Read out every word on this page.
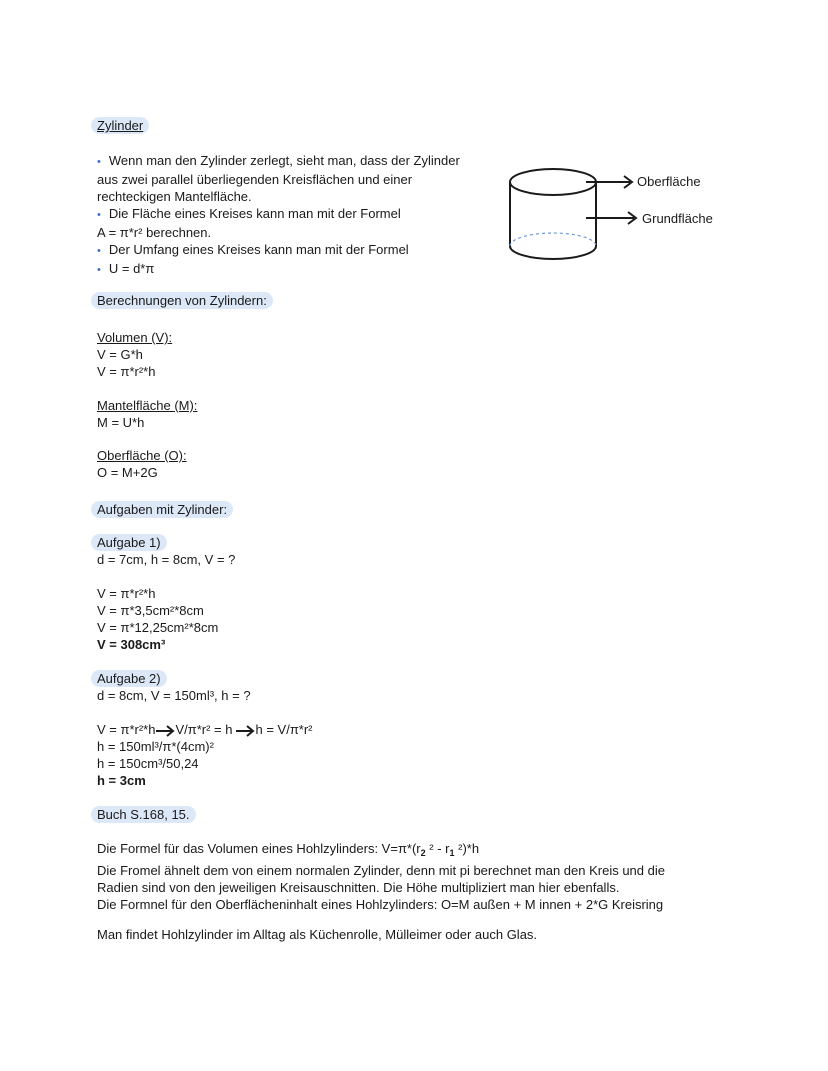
Zylinder
• Wenn man den Zylinder zerlegt, sieht man, dass der Zylinder
aus zwei parallel überliegenden Kreisflächen und einer
rechteckigen Mantelfläche.
• Die Fläche eines Kreises kann man mit der Formel
A = π*r² berechnen.
• Der Umfang eines Kreises kann man mit der Formel
• U = d*π
Oberfläche
Grundfläche
Berechnungen von Zylindern:
Volumen (V):
V = G*h
V = π*r²*h
Mantelfläche (M):
M = U*h
Oberfläche (O):
O = M+2G
Aufgaben mit Zylinder:
Aufgabe 1)
d = 7cm, h = 8cm, V = ?
V = π*r²*h
V = π*3,5cm²*8cm
V = π*12,25cm²*8cm
V = 308cm³
Aufgabe 2)
d = 8cm, V = 150ml³, h = ?
V = π*r²*h V/π*r² = h h = V/π*r²
h = 150ml³/π*(4cm)²
h = 150cm³/50,24
h = 3cm
Buch S.168, 15.
Die Formel für das Volumen eines Hohlzylinders: $V=\pi*(r_2$ $^2 - r_1$ ²)*h
Die Fromel ähnelt dem von einem normalen Zylinder, denn mit pi berechnet man den Kreis und die
Radien sind von den jeweiligen Kreisauschnitten. Die Höhe multipliziert man hier ebenfalls.
Die Formnel für den Oberflächeninhalt eines Hohlzylinders: O=M außen + M innen + 2*G Kreisring
Man findet Hohlzylinder im Alltag als Küchenrolle, Mülleimer oder auch Glas.
